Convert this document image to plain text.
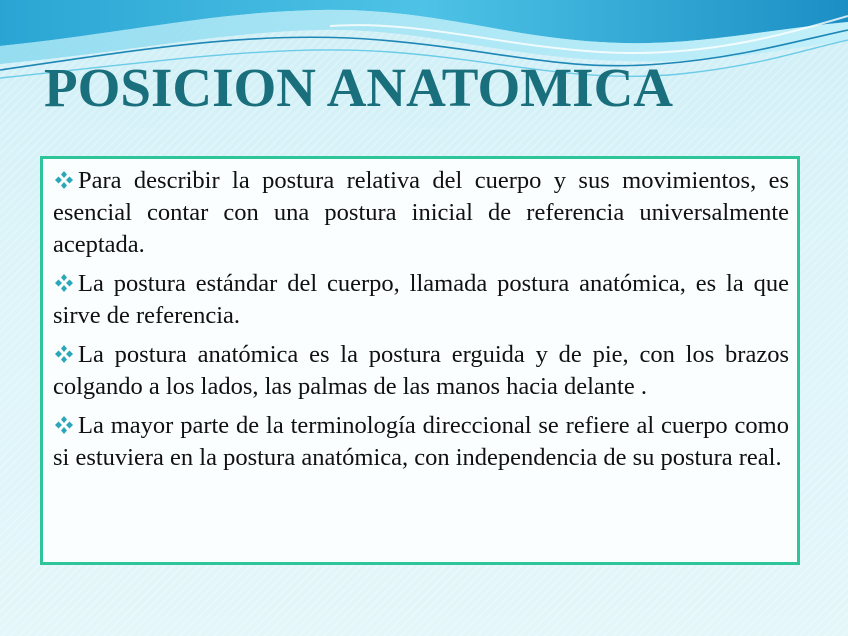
POSICION ANATOMICA

Para describir la postura relativa del cuerpo y sus movimientos, es esencial contar con una postura inicial de referencia universalmente aceptada.

La postura estándar del cuerpo, llamada postura anatómica, es la que sirve de referencia.

La postura anatómica es la postura erguida y de pie, con los brazos colgando a los lados, las palmas de las manos hacia delante .

La mayor parte de la terminología direccional se refiere al cuerpo como si estuviera en la postura anatómica, con independencia de su postura real.
